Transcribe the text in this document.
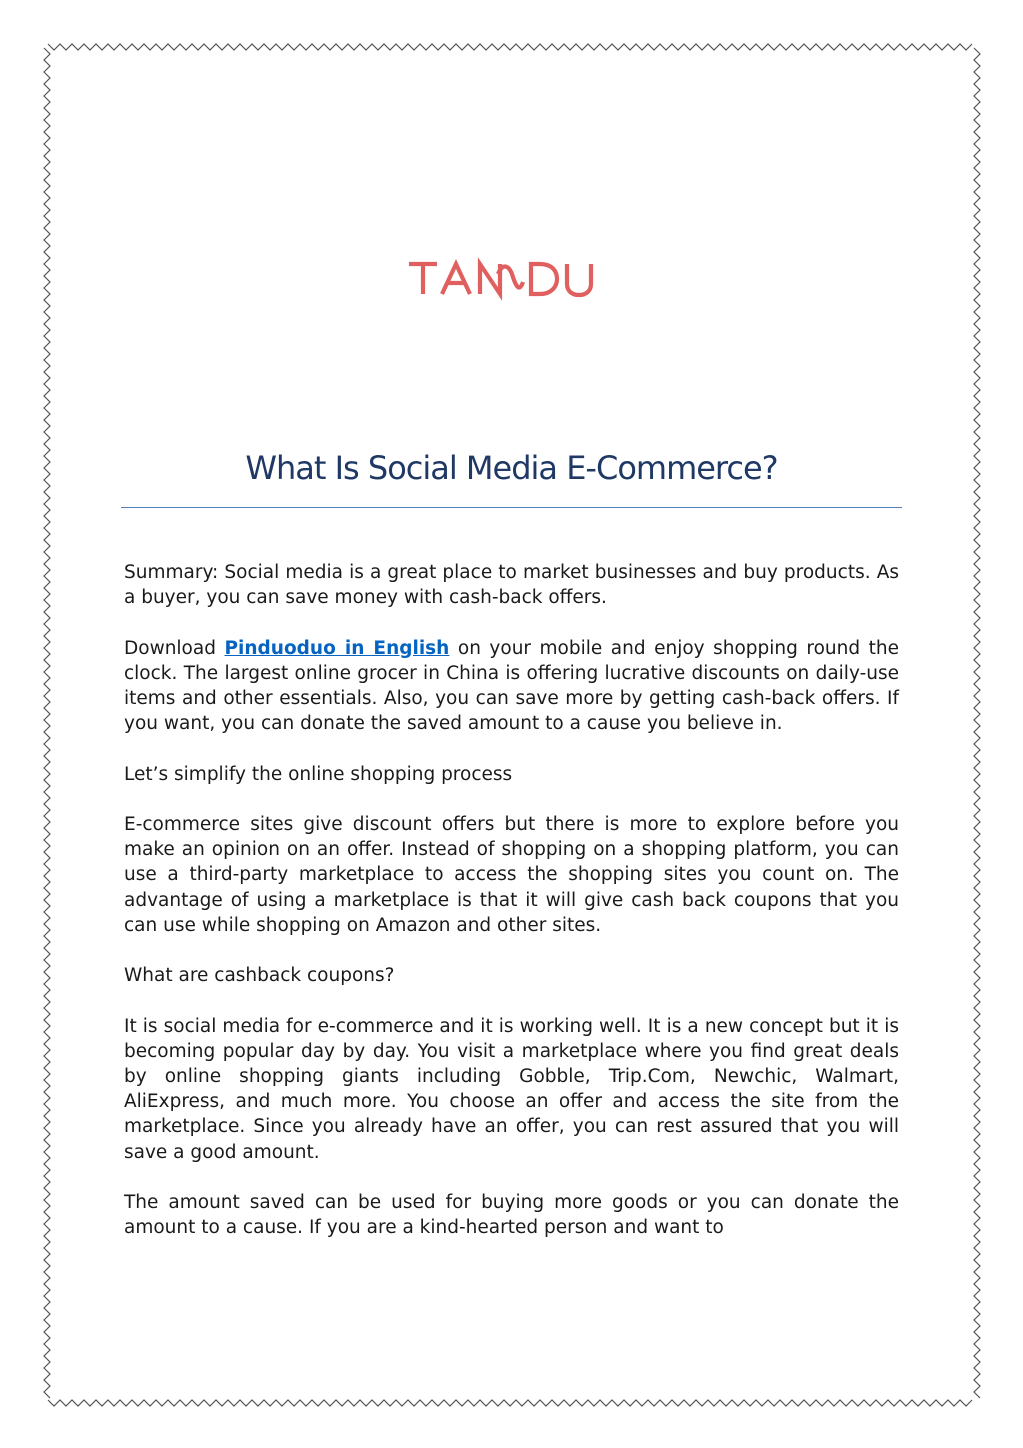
What Is Social Media E-Commerce?

Summary: Social media is a great place to market businesses and buy products. As a buyer, you can save money with cash-back offers.

Download Pinduoduo in English on your mobile and enjoy shopping round the clock. The largest online grocer in China is offering lucrative discounts on daily-use items and other essentials. Also, you can save more by getting cash-back offers. If you want, you can donate the saved amount to a cause you believe in.

Let’s simplify the online shopping process

E-commerce sites give discount offers but there is more to explore before you make an opinion on an offer. Instead of shopping on a shopping platform, you can use a third-party marketplace to access the shopping sites you count on. The advantage of using a marketplace is that it will give cash back coupons that you can use while shopping on Amazon and other sites.

What are cashback coupons?

It is social media for e-commerce and it is working well. It is a new concept but it is becoming popular day by day. You visit a marketplace where you find great deals by online shopping giants including Gobble, Trip.Com, Newchic, Walmart, AliExpress, and much more. You choose an offer and access the site from the marketplace. Since you already have an offer, you can rest assured that you will save a good amount.

The amount saved can be used for buying more goods or you can donate the amount to a cause. If you are a kind-hearted person and want to
